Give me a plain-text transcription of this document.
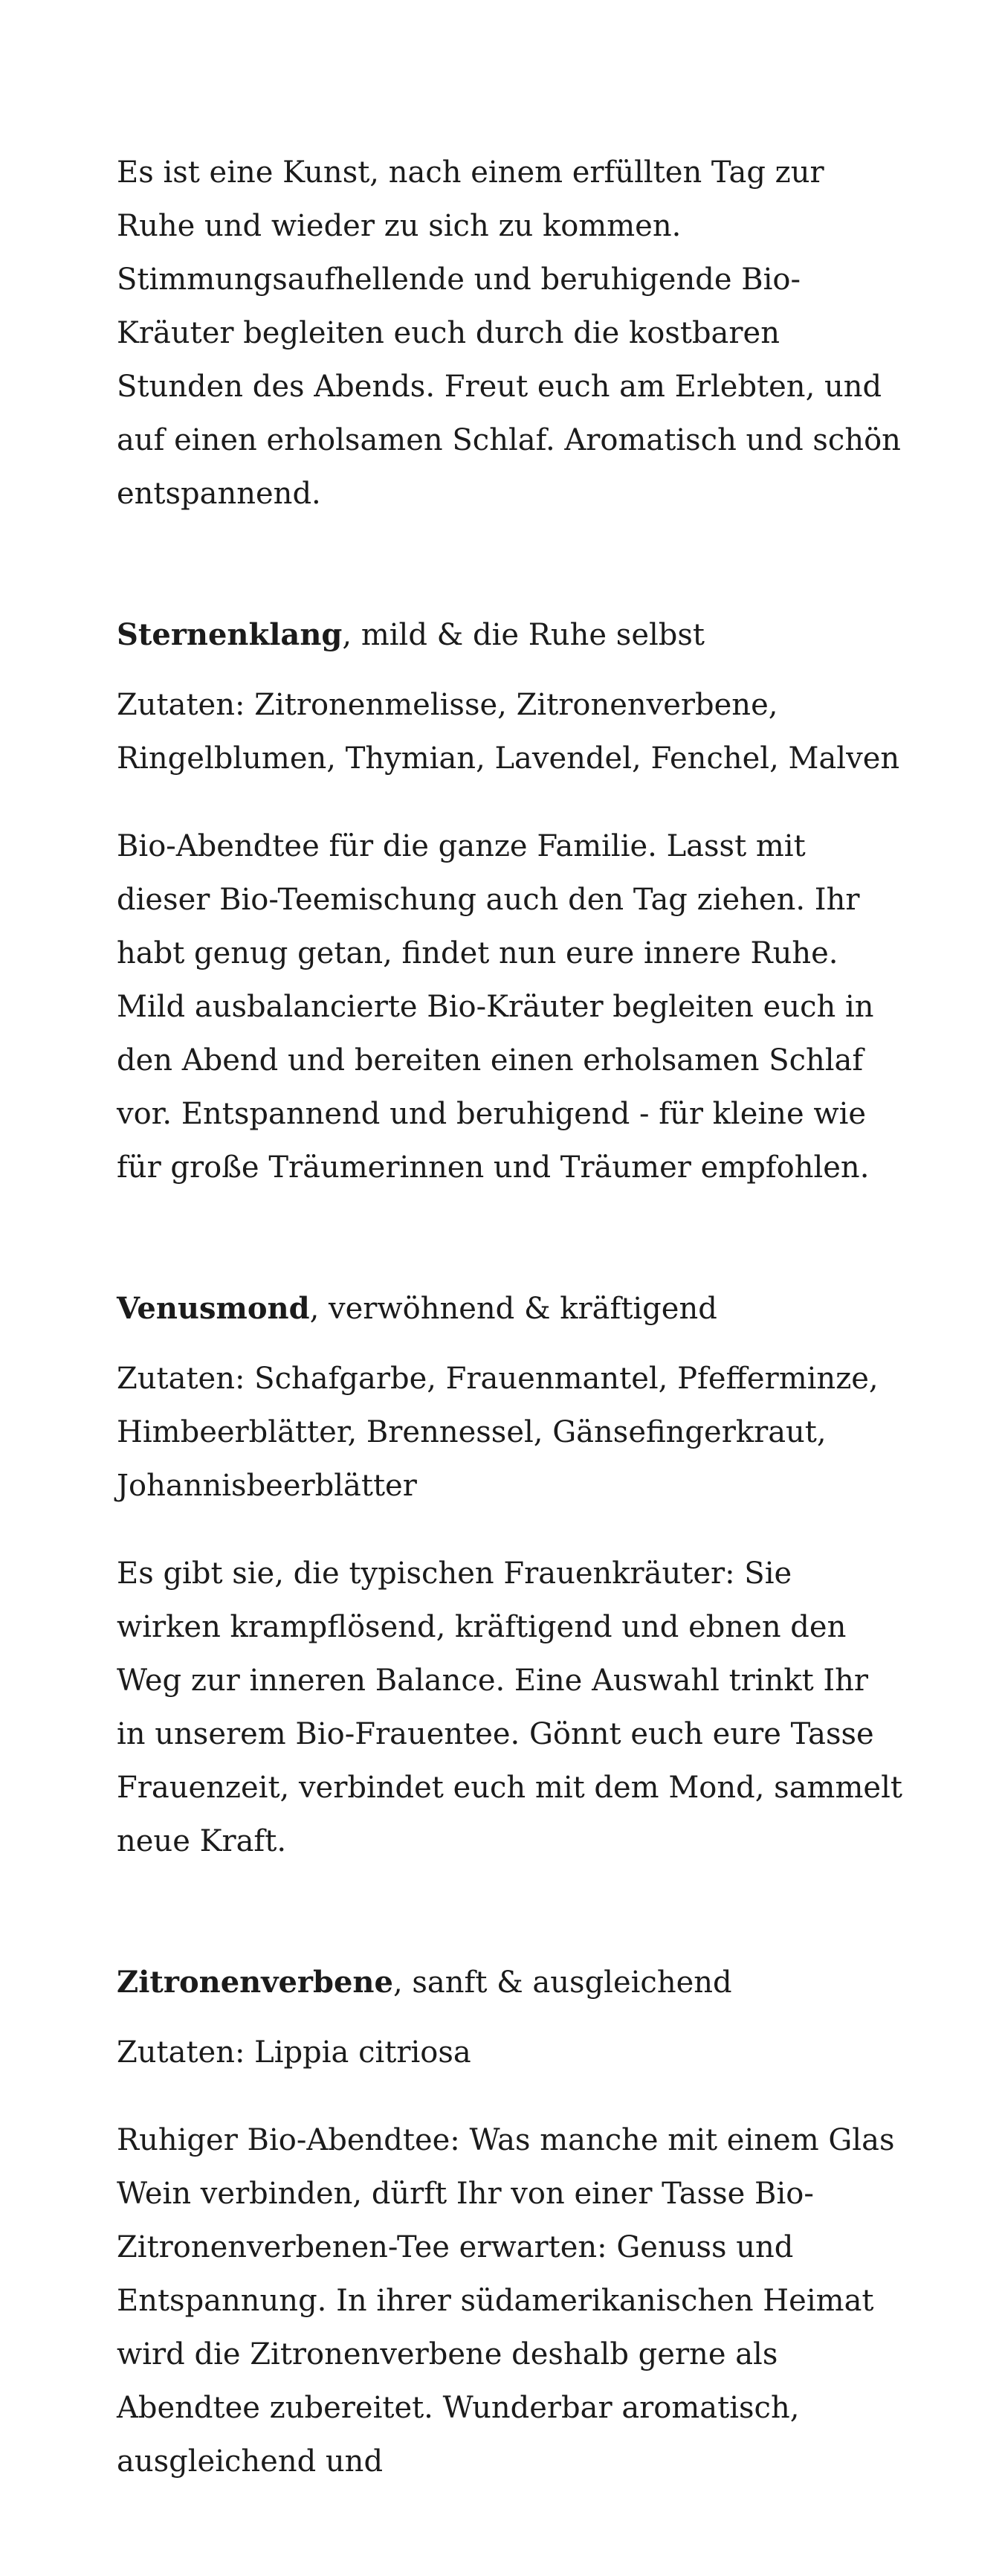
Es ist eine Kunst, nach einem erfüllten Tag zur Ruhe und wieder zu sich zu kommen. Stimmungsaufhellende und beruhigende Bio-Kräuter begleiten euch durch die kostbaren Stunden des Abends. Freut euch am Erlebten, und auf einen erholsamen Schlaf. Aromatisch und schön entspannend.

Sternenklang, mild & die Ruhe selbst

Zutaten: Zitronenmelisse, Zitronenverbene, Ringelblumen, Thymian, Lavendel, Fenchel, Malven

Bio-Abendtee für die ganze Familie. Lasst mit dieser Bio-Teemischung auch den Tag ziehen. Ihr habt genug getan, findet nun eure innere Ruhe. Mild ausbalancierte Bio-Kräuter begleiten euch in den Abend und bereiten einen erholsamen Schlaf vor. Entspannend und beruhigend - für kleine wie für große Träumerinnen und Träumer empfohlen.

Venusmond, verwöhnend & kräftigend

Zutaten: Schafgarbe, Frauenmantel, Pfefferminze, Himbeerblätter, Brennessel, Gänsefingerkraut, Johannisbeerblätter

Es gibt sie, die typischen Frauenkräuter: Sie wirken krampflösend, kräftigend und ebnen den Weg zur inneren Balance. Eine Auswahl trinkt Ihr in unserem Bio-Frauentee. Gönnt euch eure Tasse Frauenzeit, verbindet euch mit dem Mond, sammelt neue Kraft.

Zitronenverbene, sanft & ausgleichend

Zutaten: Lippia citriosa

Ruhiger Bio-Abendtee: Was manche mit einem Glas Wein verbinden, dürft Ihr von einer Tasse Bio-Zitronenverbenen-Tee erwarten: Genuss und Entspannung. In ihrer südamerikanischen Heimat wird die Zitronenverbene deshalb gerne als Abendtee zubereitet. Wunderbar aromatisch, ausgleichend und
